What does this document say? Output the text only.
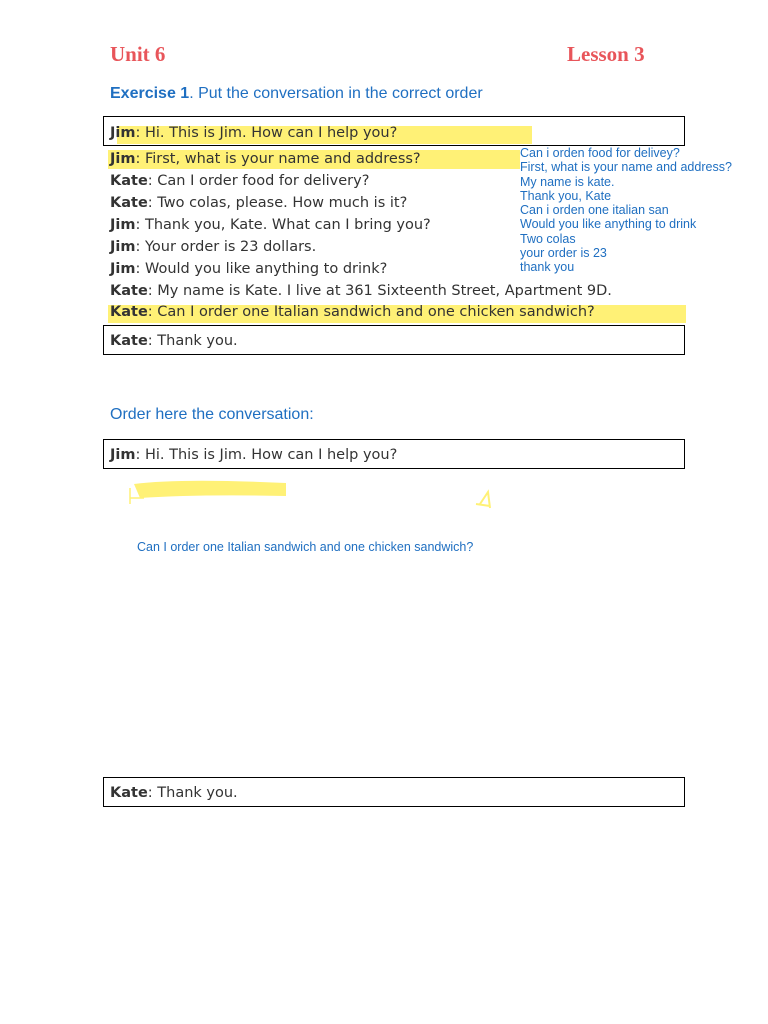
Unit 6	Lesson 3
Exercise 1. Put the conversation in the correct order
Jim: Hi. This is Jim. How can I help you?
Jim: First, what is your name and address?
Kate: Can I order food for delivery?
Kate: Two colas, please. How much is it?
Jim: Thank you, Kate. What can I bring you?
Jim: Your order is 23 dollars.
Jim: Would you like anything to drink?
Kate: My name is Kate. I live at 361 Sixteenth Street, Apartment 9D.
Kate: Can I order one Italian sandwich and one chicken sandwich?
Kate: Thank you.
Can i orden food for delivey?
First, what is your name and address?
My name is kate.
Thank you, Kate
Can i orden one italian san
Would you like anything to drink
Two colas
your order is 23
thank you
Order here the conversation:
Jim: Hi. This is Jim. How can I help you?
Can I order one Italian sandwich and one chicken sandwich?
Kate: Thank you.
